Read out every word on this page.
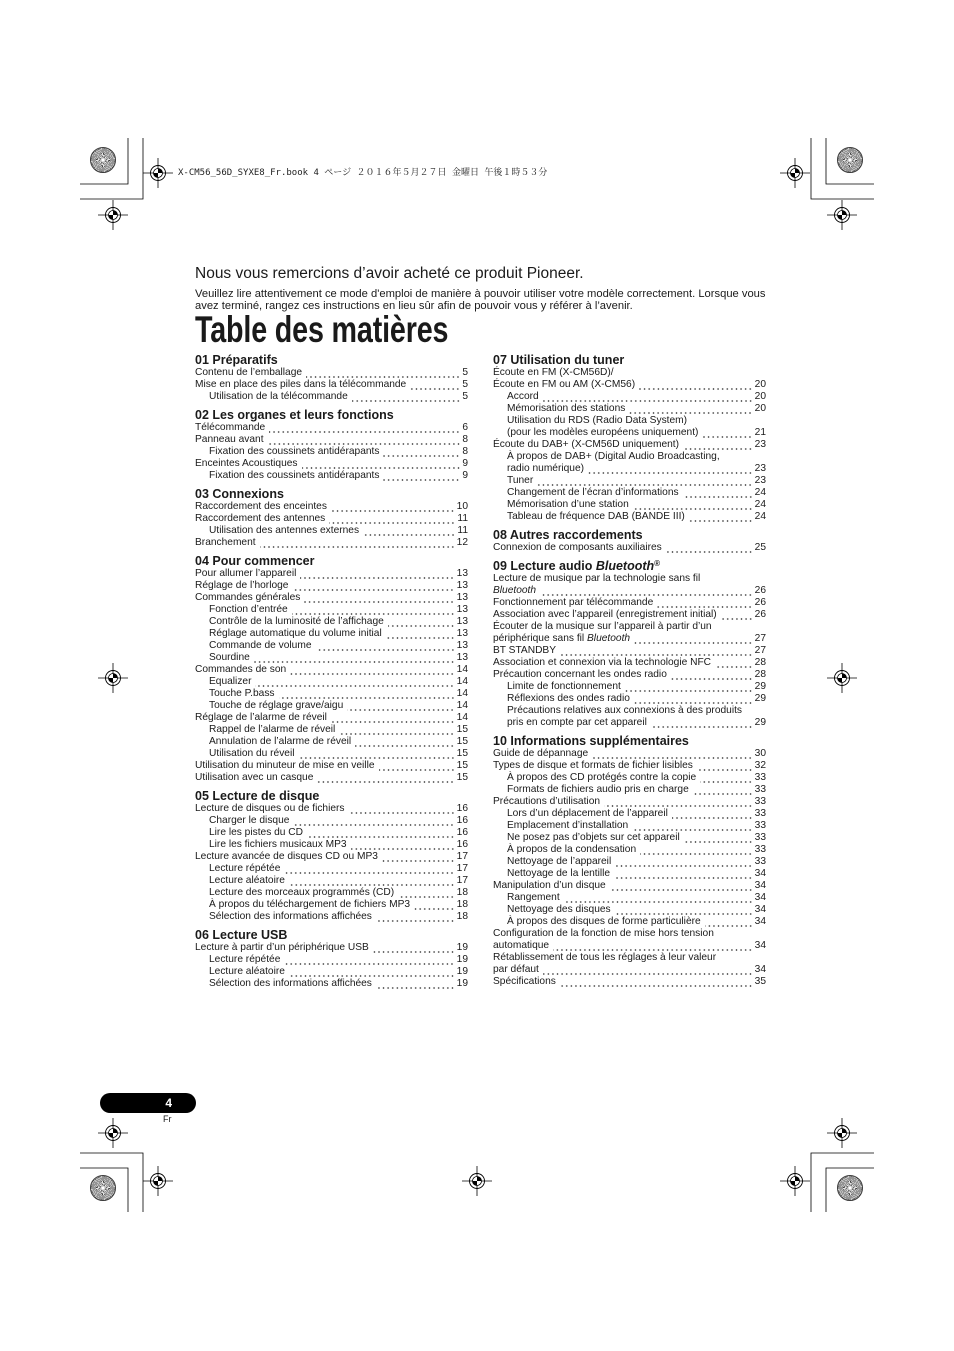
X-CM56_56D_SYXE8_Fr.book 4 ページ ２０１６年５月２７日 金曜日 午後１時５３分
Nous vous remercions d’avoir acheté ce produit Pioneer.
Veuillez lire attentivement ce mode d'emploi de manière à pouvoir utiliser votre modèle correctement. Lorsque vous avez terminé, rangez ces instructions en lieu sûr afin de pouvoir vous y référer à l’avenir.
Table des matières
01 Préparatifs
Contenu de l’emballage	5
Mise en place des piles dans la télécommande	5
Utilisation de la télécommande	5
02 Les organes et leurs fonctions
Télécommande	6
Panneau avant	8
Fixation des coussinets antidérapants	8
Enceintes Acoustiques	9
Fixation des coussinets antidérapants	9
03 Connexions
Raccordement des enceintes	10
Raccordement des antennes	11
Utilisation des antennes externes	11
Branchement	12
04 Pour commencer
Pour allumer l’appareil	13
Réglage de l’horloge	13
Commandes générales	13
Fonction d’entrée	13
Contrôle de la luminosité de l’affichage	13
Réglage automatique du volume initial	13
Commande de volume	13
Sourdine	13
Commandes de son	14
Equalizer	14
Touche P.bass	14
Touche de réglage grave/aigu	14
Réglage de l’alarme de réveil	14
Rappel de l’alarme de réveil	15
Annulation de l’alarme de réveil	15
Utilisation du réveil	15
Utilisation du minuteur de mise en veille	15
Utilisation avec un casque	15
05 Lecture de disque
Lecture de disques ou de fichiers	16
Charger le disque	16
Lire les pistes du CD	16
Lire les fichiers musicaux MP3	16
Lecture avancée de disques CD ou MP3	17
Lecture répétée	17
Lecture aléatoire	17
Lecture des morceaux programmés (CD)	18
À propos du téléchargement de fichiers MP3	18
Sélection des informations affichées	18
06 Lecture USB
Lecture à partir d’un périphérique USB	19
Lecture répétée	19
Lecture aléatoire	19
Sélection des informations affichées	19
07 Utilisation du tuner
Écoute en FM (X-CM56D)/
Écoute en FM ou AM (X-CM56)	20
Accord	20
Mémorisation des stations	20
Utilisation du RDS (Radio Data System)
(pour les modèles européens uniquement)	21
Écoute du DAB+ (X-CM56D uniquement)	23
À propos de DAB+ (Digital Audio Broadcasting,
radio numérique)	23
Tuner	23
Changement de l’écran d’informations	24
Mémorisation d’une station	24
Tableau de fréquence DAB (BANDE III)	24
08 Autres raccordements
Connexion de composants auxiliaires	25
09 Lecture audio Bluetooth®
Lecture de musique par la technologie sans fil
Bluetooth	26
Fonctionnement par télécommande	26
Association avec l’appareil (enregistrement initial)	26
Écouter de la musique sur l’appareil à partir d’un
périphérique sans fil Bluetooth	27
BT STANDBY	27
Association et connexion via la technologie NFC	28
Précaution concernant les ondes radio	28
Limite de fonctionnement	29
Réflexions des ondes radio	29
Précautions relatives aux connexions à des produits
pris en compte par cet appareil	29
10 Informations supplémentaires
Guide de dépannage	30
Types de disque et formats de fichier lisibles	32
À propos des CD protégés contre la copie	33
Formats de fichiers audio pris en charge	33
Précautions d’utilisation	33
Lors d’un déplacement de l’appareil	33
Emplacement d’installation	33
Ne posez pas d’objets sur cet appareil	33
À propos de la condensation	33
Nettoyage de l’appareil	33
Nettoyage de la lentille	34
Manipulation d’un disque	34
Rangement	34
Nettoyage des disques	34
À propos des disques de forme particulière	34
Configuration de la fonction de mise hors tension
automatique	34
Rétablissement de tous les réglages à leur valeur
par défaut	34
Spécifications	35
4
Fr
